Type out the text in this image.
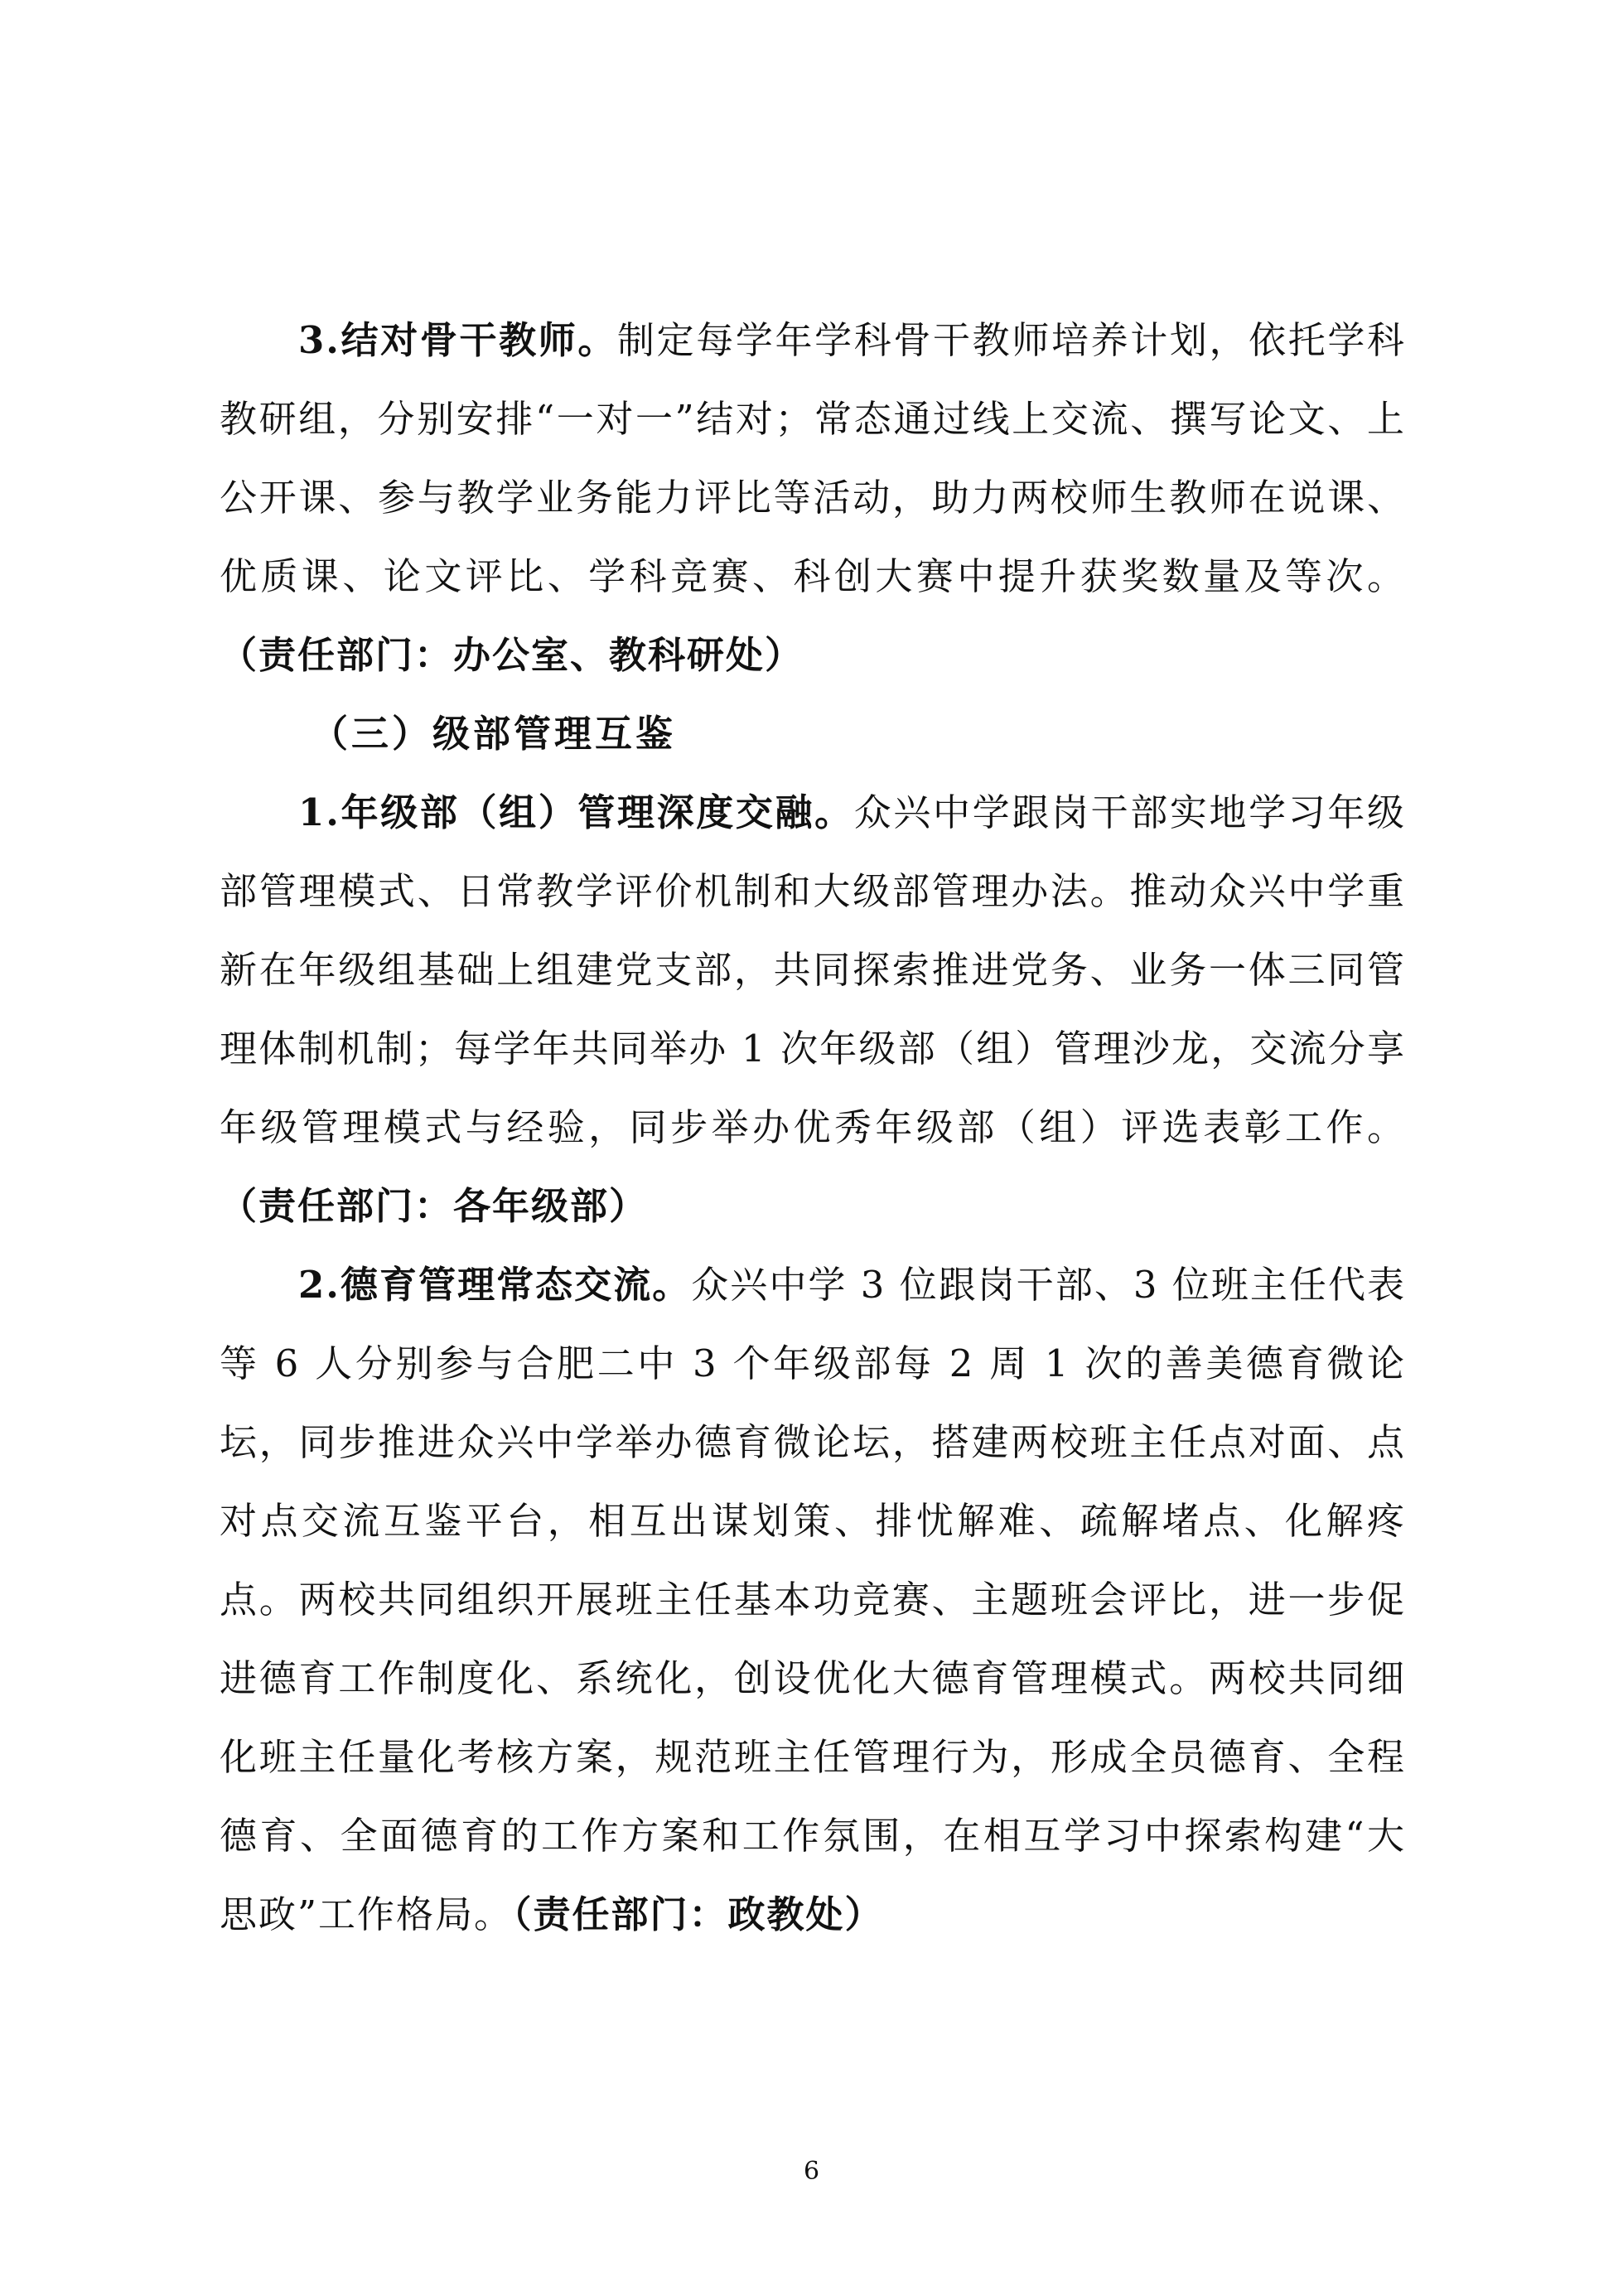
3.结对骨干教师。制定每学年学科骨干教师培养计划，依托学科教研组，分别安排“一对一”结对；常态通过线上交流、撰写论文、上公开课、参与教学业务能力评比等活动，助力两校师生教师在说课、优质课、论文评比、学科竞赛、科创大赛中提升获奖数量及等次。（责任部门：办公室、教科研处）

（三）级部管理互鉴

1.年级部（组）管理深度交融。众兴中学跟岗干部实地学习年级部管理模式、日常教学评价机制和大级部管理办法。推动众兴中学重新在年级组基础上组建党支部，共同探索推进党务、业务一体三同管理体制机制；每学年共同举办 1 次年级部（组）管理沙龙，交流分享年级管理模式与经验，同步举办优秀年级部（组）评选表彰工作。（责任部门：各年级部）

2.德育管理常态交流。众兴中学 3 位跟岗干部、3 位班主任代表等 6 人分别参与合肥二中 3 个年级部每 2 周 1 次的善美德育微论坛，同步推进众兴中学举办德育微论坛，搭建两校班主任点对面、点对点交流互鉴平台，相互出谋划策、排忧解难、疏解堵点、化解疼点。两校共同组织开展班主任基本功竞赛、主题班会评比，进一步促进德育工作制度化、系统化，创设优化大德育管理模式。两校共同细化班主任量化考核方案，规范班主任管理行为，形成全员德育、全程德育、全面德育的工作方案和工作氛围，在相互学习中探索构建“大思政”工作格局。（责任部门：政教处）

6
